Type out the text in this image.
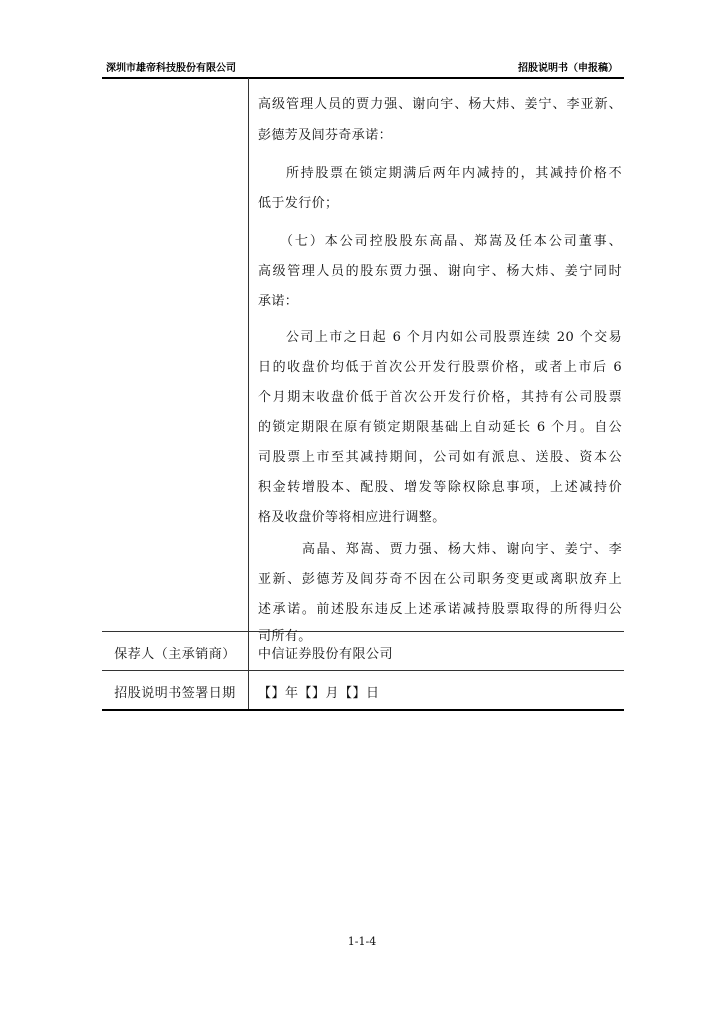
深圳市雄帝科技股份有限公司	招股说明书（申报稿）
高级管理人员的贾力强、谢向宇、杨大炜、姜宁、李亚新、
彭德芳及闾芬奇承诺：
所持股票在锁定期满后两年内减持的，其减持价格不
低于发行价；
（七）本公司控股股东高晶、郑嵩及任本公司董事、
高级管理人员的股东贾力强、谢向宇、杨大炜、姜宁同时
承诺：
公司上市之日起 6 个月内如公司股票连续 20 个交易
日的收盘价均低于首次公开发行股票价格，或者上市后 6
个月期末收盘价低于首次公开发行价格，其持有公司股票
的锁定期限在原有锁定期限基础上自动延长 6 个月。自公
司股票上市至其减持期间，公司如有派息、送股、资本公
积金转增股本、配股、增发等除权除息事项，上述减持价
格及收盘价等将相应进行调整。
高晶、郑嵩、贾力强、杨大炜、谢向宇、姜宁、李
亚新、彭德芳及闾芬奇不因在公司职务变更或离职放弃上
述承诺。前述股东违反上述承诺减持股票取得的所得归公
司所有。
保荐人（主承销商）	中信证券股份有限公司
招股说明书签署日期	【】年【】月【】日
1-1-4
